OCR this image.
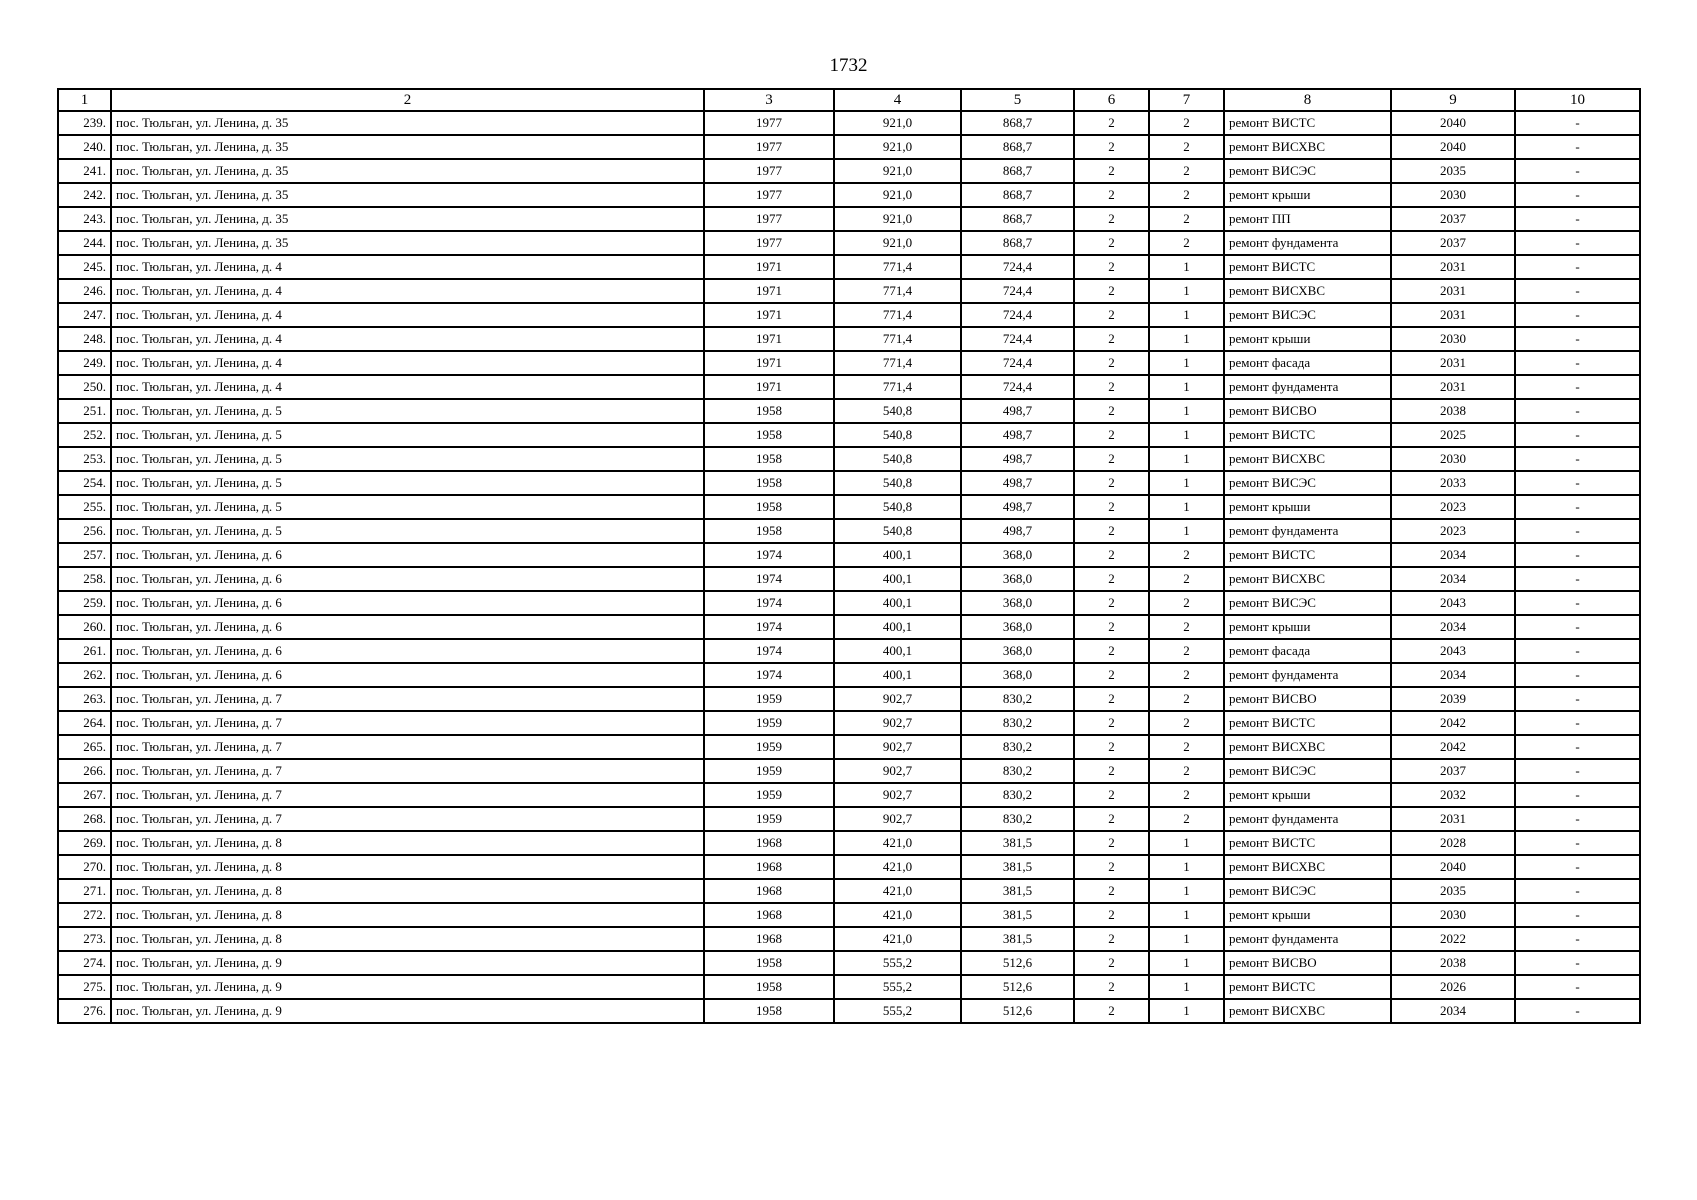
1732
1	2	3	4	5	6	7	8	9	10
239.	пос. Тюльган, ул. Ленина, д. 35	1977	921,0	868,7	2	2	ремонт ВИСТС	2040	-
240.	пос. Тюльган, ул. Ленина, д. 35	1977	921,0	868,7	2	2	ремонт ВИСХВС	2040	-
241.	пос. Тюльган, ул. Ленина, д. 35	1977	921,0	868,7	2	2	ремонт ВИСЭС	2035	-
242.	пос. Тюльган, ул. Ленина, д. 35	1977	921,0	868,7	2	2	ремонт крыши	2030	-
243.	пос. Тюльган, ул. Ленина, д. 35	1977	921,0	868,7	2	2	ремонт ПП	2037	-
244.	пос. Тюльган, ул. Ленина, д. 35	1977	921,0	868,7	2	2	ремонт фундамента	2037	-
245.	пос. Тюльган, ул. Ленина, д. 4	1971	771,4	724,4	2	1	ремонт ВИСТС	2031	-
246.	пос. Тюльган, ул. Ленина, д. 4	1971	771,4	724,4	2	1	ремонт ВИСХВС	2031	-
247.	пос. Тюльган, ул. Ленина, д. 4	1971	771,4	724,4	2	1	ремонт ВИСЭС	2031	-
248.	пос. Тюльган, ул. Ленина, д. 4	1971	771,4	724,4	2	1	ремонт крыши	2030	-
249.	пос. Тюльган, ул. Ленина, д. 4	1971	771,4	724,4	2	1	ремонт фасада	2031	-
250.	пос. Тюльган, ул. Ленина, д. 4	1971	771,4	724,4	2	1	ремонт фундамента	2031	-
251.	пос. Тюльган, ул. Ленина, д. 5	1958	540,8	498,7	2	1	ремонт ВИСВО	2038	-
252.	пос. Тюльган, ул. Ленина, д. 5	1958	540,8	498,7	2	1	ремонт ВИСТС	2025	-
253.	пос. Тюльган, ул. Ленина, д. 5	1958	540,8	498,7	2	1	ремонт ВИСХВС	2030	-
254.	пос. Тюльган, ул. Ленина, д. 5	1958	540,8	498,7	2	1	ремонт ВИСЭС	2033	-
255.	пос. Тюльган, ул. Ленина, д. 5	1958	540,8	498,7	2	1	ремонт крыши	2023	-
256.	пос. Тюльган, ул. Ленина, д. 5	1958	540,8	498,7	2	1	ремонт фундамента	2023	-
257.	пос. Тюльган, ул. Ленина, д. 6	1974	400,1	368,0	2	2	ремонт ВИСТС	2034	-
258.	пос. Тюльган, ул. Ленина, д. 6	1974	400,1	368,0	2	2	ремонт ВИСХВС	2034	-
259.	пос. Тюльган, ул. Ленина, д. 6	1974	400,1	368,0	2	2	ремонт ВИСЭС	2043	-
260.	пос. Тюльган, ул. Ленина, д. 6	1974	400,1	368,0	2	2	ремонт крыши	2034	-
261.	пос. Тюльган, ул. Ленина, д. 6	1974	400,1	368,0	2	2	ремонт фасада	2043	-
262.	пос. Тюльган, ул. Ленина, д. 6	1974	400,1	368,0	2	2	ремонт фундамента	2034	-
263.	пос. Тюльган, ул. Ленина, д. 7	1959	902,7	830,2	2	2	ремонт ВИСВО	2039	-
264.	пос. Тюльган, ул. Ленина, д. 7	1959	902,7	830,2	2	2	ремонт ВИСТС	2042	-
265.	пос. Тюльган, ул. Ленина, д. 7	1959	902,7	830,2	2	2	ремонт ВИСХВС	2042	-
266.	пос. Тюльган, ул. Ленина, д. 7	1959	902,7	830,2	2	2	ремонт ВИСЭС	2037	-
267.	пос. Тюльган, ул. Ленина, д. 7	1959	902,7	830,2	2	2	ремонт крыши	2032	-
268.	пос. Тюльган, ул. Ленина, д. 7	1959	902,7	830,2	2	2	ремонт фундамента	2031	-
269.	пос. Тюльган, ул. Ленина, д. 8	1968	421,0	381,5	2	1	ремонт ВИСТС	2028	-
270.	пос. Тюльган, ул. Ленина, д. 8	1968	421,0	381,5	2	1	ремонт ВИСХВС	2040	-
271.	пос. Тюльган, ул. Ленина, д. 8	1968	421,0	381,5	2	1	ремонт ВИСЭС	2035	-
272.	пос. Тюльган, ул. Ленина, д. 8	1968	421,0	381,5	2	1	ремонт крыши	2030	-
273.	пос. Тюльган, ул. Ленина, д. 8	1968	421,0	381,5	2	1	ремонт фундамента	2022	-
274.	пос. Тюльган, ул. Ленина, д. 9	1958	555,2	512,6	2	1	ремонт ВИСВО	2038	-
275.	пос. Тюльган, ул. Ленина, д. 9	1958	555,2	512,6	2	1	ремонт ВИСТС	2026	-
276.	пос. Тюльган, ул. Ленина, д. 9	1958	555,2	512,6	2	1	ремонт ВИСХВС	2034	-
